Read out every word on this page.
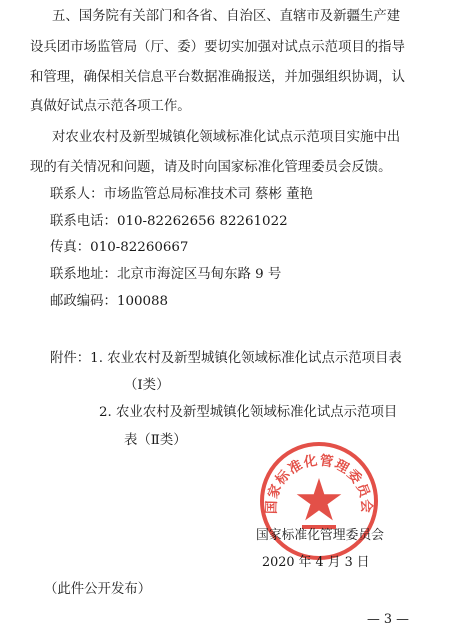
五、国务院有关部门和各省、自治区、直辖市及新疆生产建
设兵团市场监管局（厅、委）要切实加强对试点示范项目的指导
和管理，确保相关信息平台数据准确报送，并加强组织协调，认
真做好试点示范各项工作。
对农业农村及新型城镇化领域标准化试点示范项目实施中出
现的有关情况和问题，请及时向国家标准化管理委员会反馈。
联系人：市场监管总局标准技术司 蔡彬 董艳
联系电话：010-82262656 82261022
传真：010-82260667
联系地址：北京市海淀区马甸东路 9 号
邮政编码：100088
附件：1. 农业农村及新型城镇化领域标准化试点示范项目表
（Ⅰ类）
2. 农业农村及新型城镇化领域标准化试点示范项目
表（Ⅱ类）
国家标准化管理委员会
国家标准化管理委员会
2020 年 4 月 3 日
（此件公开发布）
— 3 —
